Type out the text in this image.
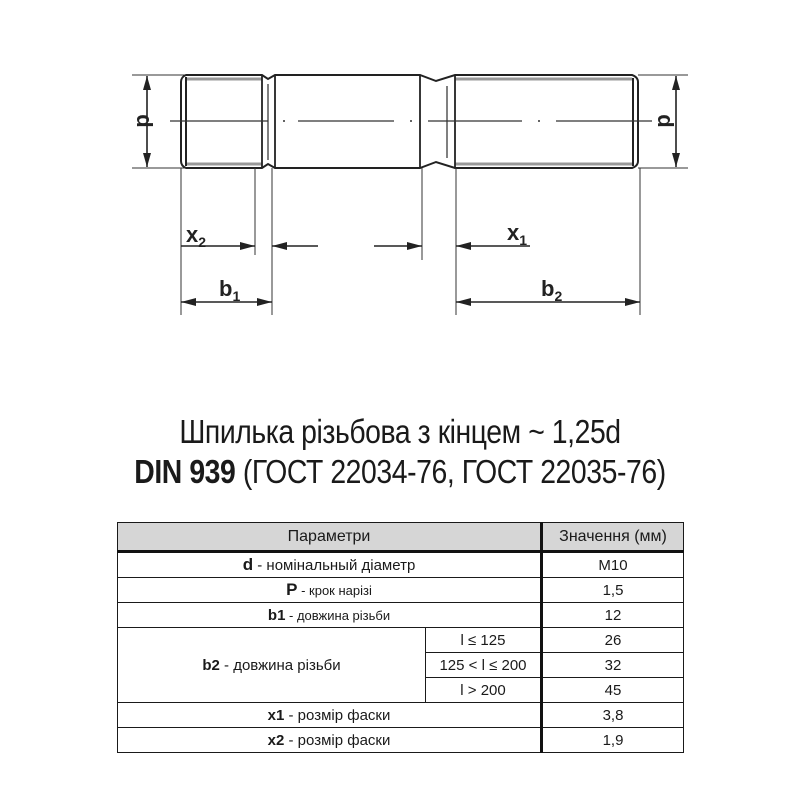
d	d
$x_2$	$x_1$
$b_1$	$b_2$
Шпилька різьбова з кінцем ~ 1,25d
DIN 939 (ГОСТ 22034-76, ГОСТ 22035-76)
Параметри		Значення (мм)
d - номінальный діаметр		M10
P - крок нарізі		1,5
b1 - довжина різьби		12
b2 - довжина різьби	l ≤ 125	26
	125 < l ≤ 200	32
	l > 200	45
x1 - розмір фаски		3,8
x2 - розмір фаски		1,9
